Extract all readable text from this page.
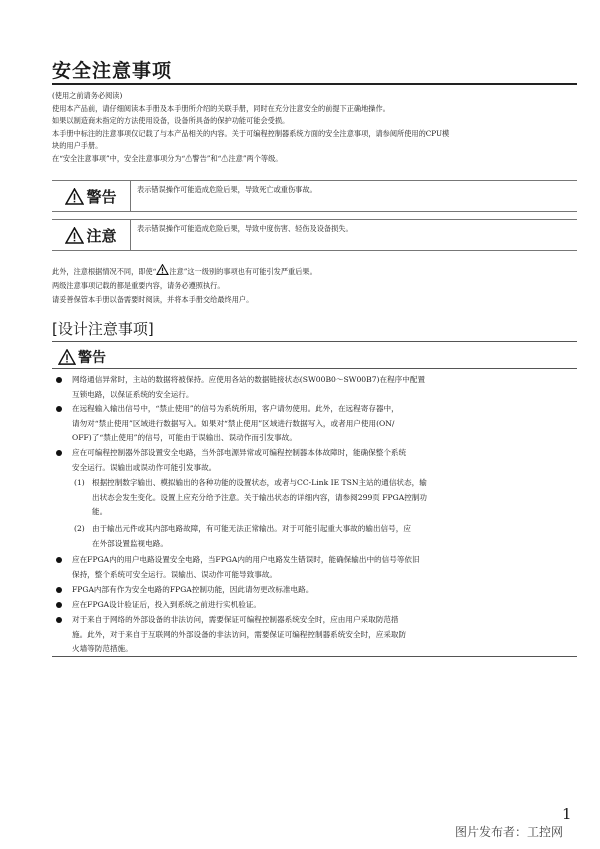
安全注意事项

(使用之前请务必阅读)

使用本产品前，请仔细阅读本手册及本手册所介绍的关联手册，同时在充分注意安全的前提下正确地操作。

如果以制造商未指定的方法使用设备，设备所具备的保护功能可能会受损。

本手册中标注的注意事项仅记载了与本产品相关的内容。关于可编程控制器系统方面的安全注意事项，请参阅所使用的CPU模

块的用户手册。

在“安全注意事项”中，安全注意事项分为“⚠警告”和“⚠注意”两个等级。

警告	表示错误操作可能造成危险后果，导致死亡或重伤事故。
注意	表示错误操作可能造成危险后果，导致中度伤害、轻伤及设备损失。

此外，注意根据情况不同，即使“ 注意”这一级别的事项也有可能引发严重后果。

两级注意事项记载的都是重要内容，请务必遵照执行。

请妥善保管本手册以备需要时阅读，并将本手册交给最终用户。

[设计注意事项]
警告
网络通信异常时，主站的数据将被保持。应使用各站的数据链接状态(SW00B0～SW00B7)在程序中配置
互锁电路，以保证系统的安全运行。
在远程输入输出信号中，“禁止使用”的信号为系统所用，客户请勿使用。此外，在远程寄存器中，
请勿对“禁止使用”区域进行数据写入。如果对“禁止使用”区域进行数据写入，或者用户使用(ON/
OFF)了“禁止使用”的信号，可能由于误输出、误动作而引发事故。
应在可编程控制器外部设置安全电路，当外部电源异常或可编程控制器本体故障时，能确保整个系统
安全运行。误输出或误动作可能引发事故。
(1) 根据控制数字输出、模拟输出的各种功能的设置状态，或者与CC-Link IE TSN主站的通信状态，输
出状态会发生变化。设置上应充分给予注意。关于输出状态的详细内容，请参阅299页 FPGA控制功
能。
(2) 由于输出元件或其内部电路故障，有可能无法正常输出。对于可能引起重大事故的输出信号，应
在外部设置监视电路。
应在FPGA内的用户电路设置安全电路，当FPGA内的用户电路发生错误时，能确保输出中的信号等依旧
保持，整个系统可安全运行。误输出、误动作可能导致事故。
FPGA内部有作为安全电路的FPGA控制功能，因此请勿更改标准电路。
应在FPGA设计验证后，投入到系统之前进行实机验证。
对于来自于网络的外部设备的非法访问，需要保证可编程控制器系统安全时，应由用户采取防范措
施。此外，对于来自于互联网的外部设备的非法访问，需要保证可编程控制器系统安全时，应采取防
火墙等防范措施。
1
图片发布者：工控网
